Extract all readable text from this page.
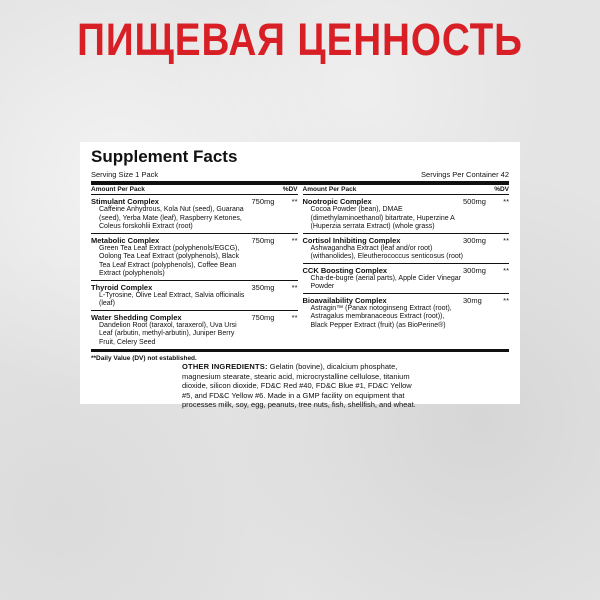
ПИЩЕВАЯ ЦЕННОСТЬ
Supplement Facts
Serving Size 1 Pack	Servings Per Container 42
Amount Per Pack	%DV
Stimulant Complex	750mg	**
Caffeine Anhydrous, Kola Nut (seed), Guarana (seed), Yerba Mate (leaf), Raspberry Ketones, Coleus forskohlii Extract (root)
Metabolic Complex	750mg	**
Green Tea Leaf Extract (polyphenols/EGCG), Oolong Tea Leaf Extract (polyphenols), Black Tea Leaf Extract (polyphenols), Coffee Bean Extract (polyphenols)
Thyroid Complex	350mg	**
L-Tyrosine, Olive Leaf Extract, Salvia officinalis (leaf)
Water Shedding Complex	750mg	**
Dandelion Root (taraxol, taraxerol), Uva Ursi Leaf (arbutin, methyl-arbutin), Juniper Berry Fruit, Celery Seed
Amount Per Pack	%DV
Nootropic Complex	500mg	**
Cocoa Powder (bean), DMAE (dimethylaminoethanol) bitartrate, Huperzine A (Huperzia serrata Extract) (whole grass)
Cortisol Inhibiting Complex	300mg	**
Ashwagandha Extract (leaf and/or root) (withanolides), Eleutherococcus senticosus (root)
CCK Boosting Complex	300mg	**
Cha-de-bugre (aerial parts), Apple Cider Vinegar Powder
Bioavailability Complex	30mg	**
Astragin™ (Panax notoginseng Extract (root), Astragalus membranaceous Extract (root)), Black Pepper Extract (fruit) (as BioPerine®)
**Daily Value (DV) not established.
OTHER INGREDIENTS: Gelatin (bovine), dicalcium phosphate, magnesium stearate, stearic acid, microcrystalline cellulose, titanium dioxide, silicon dioxide, FD&C Red #40, FD&C Blue #1, FD&C Yellow #5, and FD&C Yellow #6. Made in a GMP facility on equipment that processes milk, soy, egg, peanuts, tree nuts, fish, shellfish, and wheat.
